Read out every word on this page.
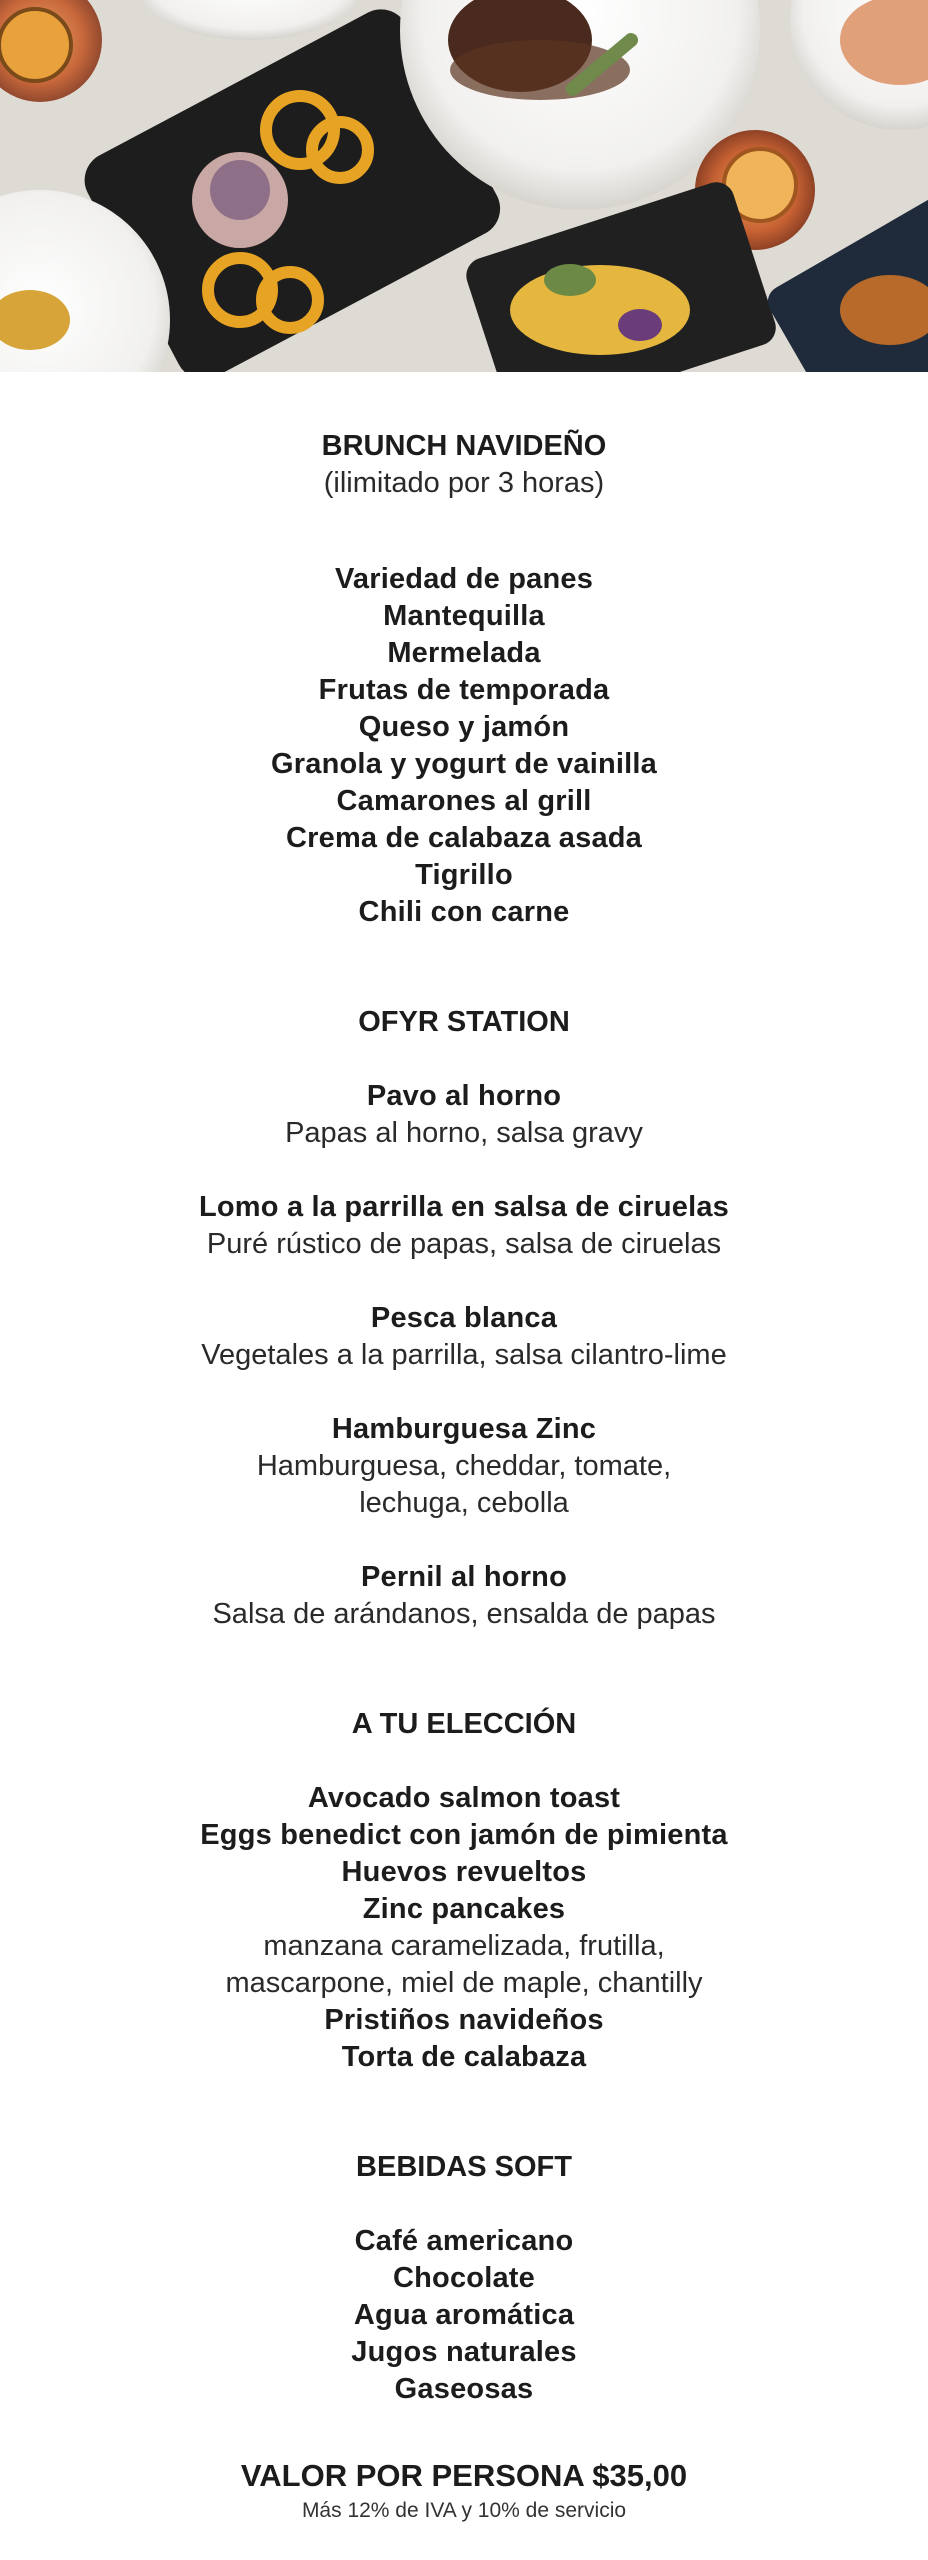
BRUNCH NAVIDEÑO
(ilimitado por 3 horas)
Variedad de panes
Mantequilla
Mermelada
Frutas de temporada
Queso y jamón
Granola y yogurt de vainilla
Camarones al grill
Crema de calabaza asada
Tigrillo
Chili con carne
OFYR STATION
Pavo al horno
Papas al horno, salsa gravy
Lomo a la parrilla en salsa de ciruelas
Puré rústico de papas, salsa de ciruelas
Pesca blanca
Vegetales a la parrilla, salsa cilantro-lime
Hamburguesa Zinc
Hamburguesa, cheddar, tomate,
lechuga, cebolla
Pernil al horno
Salsa de arándanos, ensalda de papas
A TU ELECCIÓN
Avocado salmon toast
Eggs benedict con jamón de pimienta
Huevos revueltos
Zinc pancakes
manzana caramelizada, frutilla,
mascarpone, miel de maple, chantilly
Pristiños navideños
Torta de calabaza
BEBIDAS SOFT
Café americano
Chocolate
Agua aromática
Jugos naturales
Gaseosas
VALOR POR PERSONA $35,00
Más 12% de IVA y 10% de servicio
